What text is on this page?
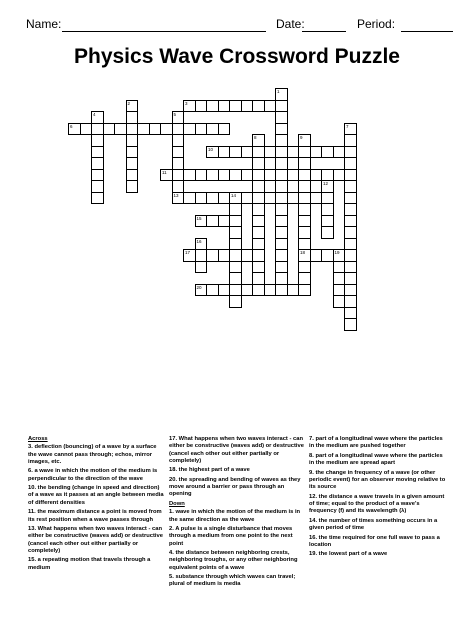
Name:	Date:	Period:
Physics Wave Crossword Puzzle
1
2	3
4	5
13
6	7
8	9
18
10
11
12
14
15
16
17	19
20

Across

3. deflection (bouncing) of a wave by a surface the wave cannot pass through; echos, mirror images, etc.

6. a wave in which the motion of the medium is perpendicular to the direction of the wave

10. the bending (change in speed and direction) of a wave as it passes at an angle between media of different densities

11. the maximum distance a point is moved from its rest position when a wave passes through

13. What happens when two waves interact - can either be constructive (waves add) or destructive (cancel each other out either partially or completely)

15. a repeating motion that travels through a medium

17. What happens when two waves interact - can either be constructive (waves add) or destructive (cancel each other out either partially or completely)

18. the highest part of a wave

20. the spreading and bending of waves as they move around a barrier or pass through an opening

Down

1. wave in which the motion of the medium is in the same direction as the wave

2. A pulse is a single disturbance that moves through a medium from one point to the next point

4. the distance between neighboring crests, neighboring troughs, or any other neighboring equivalent points of a wave

5. substance through which waves can travel; plural of medium is media

7. part of a longitudinal wave where the particles in the medium are pushed together

8. part of a longitudinal wave where the particles in the medium are spread apart

9. the change in frequency of a wave (or other periodic event) for an observer moving relative to its source

12. the distance a wave travels in a given amount of time; equal to the product of a wave's frequency (f) and its wavelength (λ)

14. the number of times something occurs in a given period of time

16. the time required for one full wave to pass a location

19. the lowest part of a wave
